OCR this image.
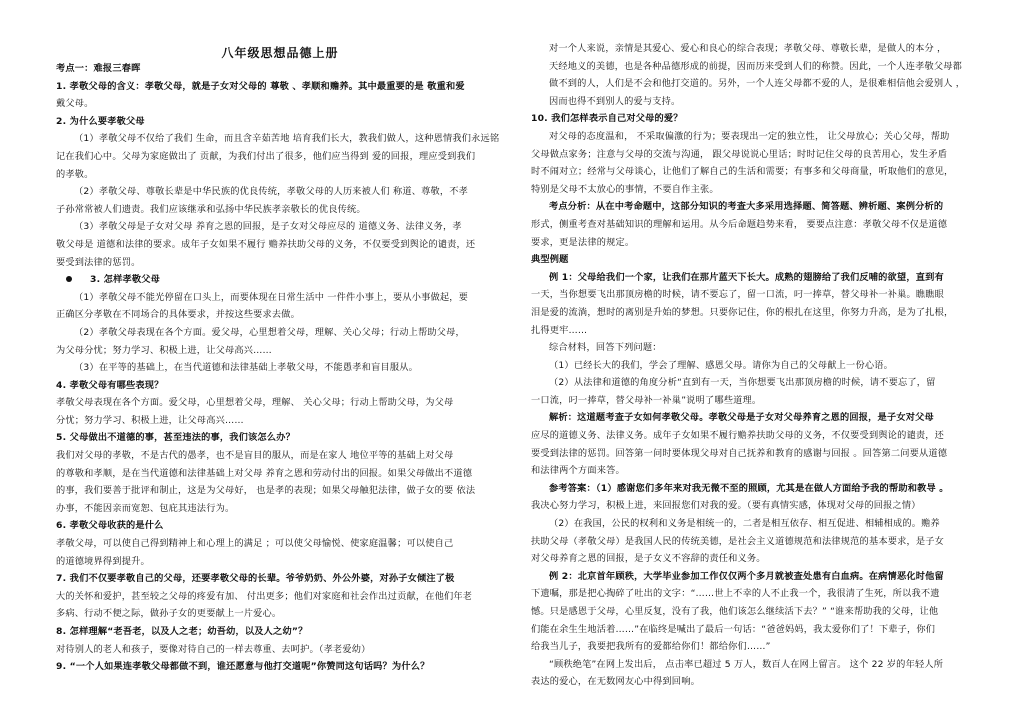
八年级思想品德上册
考点一：难报三春晖
1. 孝敬父母的含义：孝敬父母，就是子女对父母的 尊敬 、孝顺和赡养。其中最重要的是 敬重和爱
戴父母。
2. 为什么要孝敬父母
（1）孝敬父母不仅给了我们 生命，而且含辛茹苦地 培育我们长大，教我们做人，这种恩情我们永远铭
记在我们心中。父母为家庭做出了 贡献，为我们付出了很多，他们应当得到 爱的回报，理应受到我们
的孝敬。
（2）孝敬父母、尊敬长辈是中华民族的优良传统，孝敬父母的人历来被人们 称道、尊敬，不孝
子孙常常被人们遗责。我们应该继承和弘扬中华民族孝亲敬长的优良传统。
（3）孝敬父母是子女对父母 养育之恩的回报，是子女对父母应尽的 道德义务、法律义务，孝
敬父母是 道德和法律的要求。成年子女如果不履行 赡养扶助父母的义务，不仅要受到舆论的谴责，还
要受到法律的惩罚。
3. 怎样孝敬父母
（1）孝敬父母不能光停留在口头上，而要体现在日常生活中 一件件小事上，要从小事做起，要
正确区分孝敬在不同场合的具体要求，并按这些要求去做。
（2）孝敬父母表现在各个方面。爱父母，心里想着父母，理解、关心父母；行动上帮助父母，
为父母分忧；努力学习、积极上进，让父母高兴……
（3）在平等的基础上，在当代道德和法律基础上孝敬父母，不能愚孝和盲目服从。
4. 孝敬父母有哪些表现？
孝敬父母表现在各个方面。爱父母，心里想着父母，理解、 关心父母；行动上帮助父母，为父母
分忧；努力学习、积极上进，让父母高兴……
5. 父母做出不道德的事，甚至违法的事，我们该怎么办？
我们对父母的孝敬，不是古代的愚孝，也不是盲目的服从，而是在家人 地位平等的基础上对父母
的尊敬和孝顺，是在当代道德和法律基础上对父母 养育之恩和劳动付出的回报。如果父母做出不道德
的事，我们要善于批评和制止，这是为父母好， 也是孝的表现；如果父母触犯法律，做子女的要 依法
办事，不能因亲而宽恕、包庇其违法行为。
6. 孝敬父母收获的是什么
孝敬父母，可以使自己得到精神上和心理上的满足 ；可以使父母愉悦、使家庭温馨；可以使自己
的道德境界得到提升。
7. 我们不仅要孝敬自己的父母，还要孝敬父母的长辈。爷爷奶奶、外公外婆，对孙子女倾注了极
大的关怀和爱护，甚至较之父母的疼爱有加、 付出更多；他们对家庭和社会作出过贡献，在他们年老
多病、行动不便之际，做孙子女的更要献上一片爱心。
8. 怎样理解“老吾老，以及人之老；幼吾幼，以及人之幼”？
对待别人的老人和孩子，要像对待自己的一样去尊重、去呵护。（孝老爱幼）
9. “一个人如果连孝敬父母都做不到，谁还愿意与他打交道呢”你赞同这句话吗？为什么？
对一个人来说，亲情是其爱心、爱心和良心的综合表现；孝敬父母、尊敬长辈，是做人的本分 ，
天经地义的美德，也是各种品德形成的前提，因而历来受到人们的称赞。因此，一个人连孝敬父母都
做不到的人，人们是不会和他打交道的。另外，一个人连父母都不爱的人，是很难相信他会爱别人 ，
因而也得不到别人的爱与支持。
10. 我们怎样表示自己对父母的爱？
对父母的态度温和， 不采取偏激的行为；要表现出一定的独立性， 让父母放心；关心父母，帮助
父母做点家务；注意与父母的交流与沟通， 跟父母说说心里话；时时记住父母的良苦用心，发生矛盾
时不闹对立；经常与父母谈心，让他们了解自己的生活和需要；有事多和父母商量，听取他们的意见，
特别是父母不太放心的事情，不要自作主张。
考点分析：从在中考命题中，这部分知识的考查大多采用选择题、简答题、辨析题、案例分析的
形式，侧重考查对基础知识的理解和运用。从今后命题趋势来看， 要要点注意：孝敬父母不仅是道德
要求，更是法律的规定。
典型例题
例 1：父母给我们一个家，让我们在那片蓝天下长大。成熟的翅膀给了我们反哺的欲望，直到有
一天，当你想要飞出那顶房檐的时候，请不要忘了，留一口流，叼一捧草，替父母补一补巢。瞧瞧眼
泪是爱的流淌，想时的离别是升始的梦想。只要你记住，你的根扎在这里，你努力升高，是为了扎根，
扎得更牢……
综合材料，回答下列问题：
（1）已经长大的我们，学会了理解、感恩父母。请你为自己的父母献上一份心语。
（2）从法律和道德的角度分析“直到有一天，当你想要飞出那顶房檐的时候，请不要忘了，留
一口流，叼一捧草，替父母补一补巢”说明了哪些道理。
解析：这道题考查子女如何孝敬父母。孝敬父母是子女对父母养育之恩的回报，是子女对父母
应尽的道德义务、法律义务。成年子女如果不履行赡养扶助父母的义务，不仅要受到舆论的谴责，还
要受到法律的惩罚。回答第一问时要体现父母对自己抚养和教育的感谢与回报 。回答第二问要从道德
和法律两个方面来答。
参考答案：（1）感谢您们多年来对我无微不至的照顾，尤其是在做人方面给予我的帮助和教导 。
我决心努力学习，积极上进，来回报您们对我的爱。（要有真情实感，体现对父母的回报之情）
（2）在我国，公民的权利和义务是相统一的，二者是相互依存、相互促进、相辅相成的。赡养
扶助父母（孝敬父母）是我国人民的传统美德，是社会主义道德规范和法律规范的基本要求，是子女
对父母养育之恩的回报，是子女义不容辞的责任和义务。
例 2：北京首年顾秩，大学毕业参加工作仅仅两个多月就被查处患有白血病。在病情恶化时他留
下遗嘱，那是把心掏碎了吐出的文字：“……世上不幸的人不止我一个，我很清了生死，所以我不遗
憾。只是感恩于父母，心里反复，没有了我，他们该怎么继续活下去？” “谁来帮助我的父母，让他
们能在余生生地活着……”在临终是喊出了最后一句话：“爸爸妈妈，我太爱你们了！下辈子，你们
给我当儿子，我要把我所有的爱都给你们！都给你们……”
“顾秩绝笔”在网上发出后， 点击率已超过 5 万人，数百人在网上留言。 这个 22 岁的年轻人所
表达的爱心，在无数网友心中得到回响。
